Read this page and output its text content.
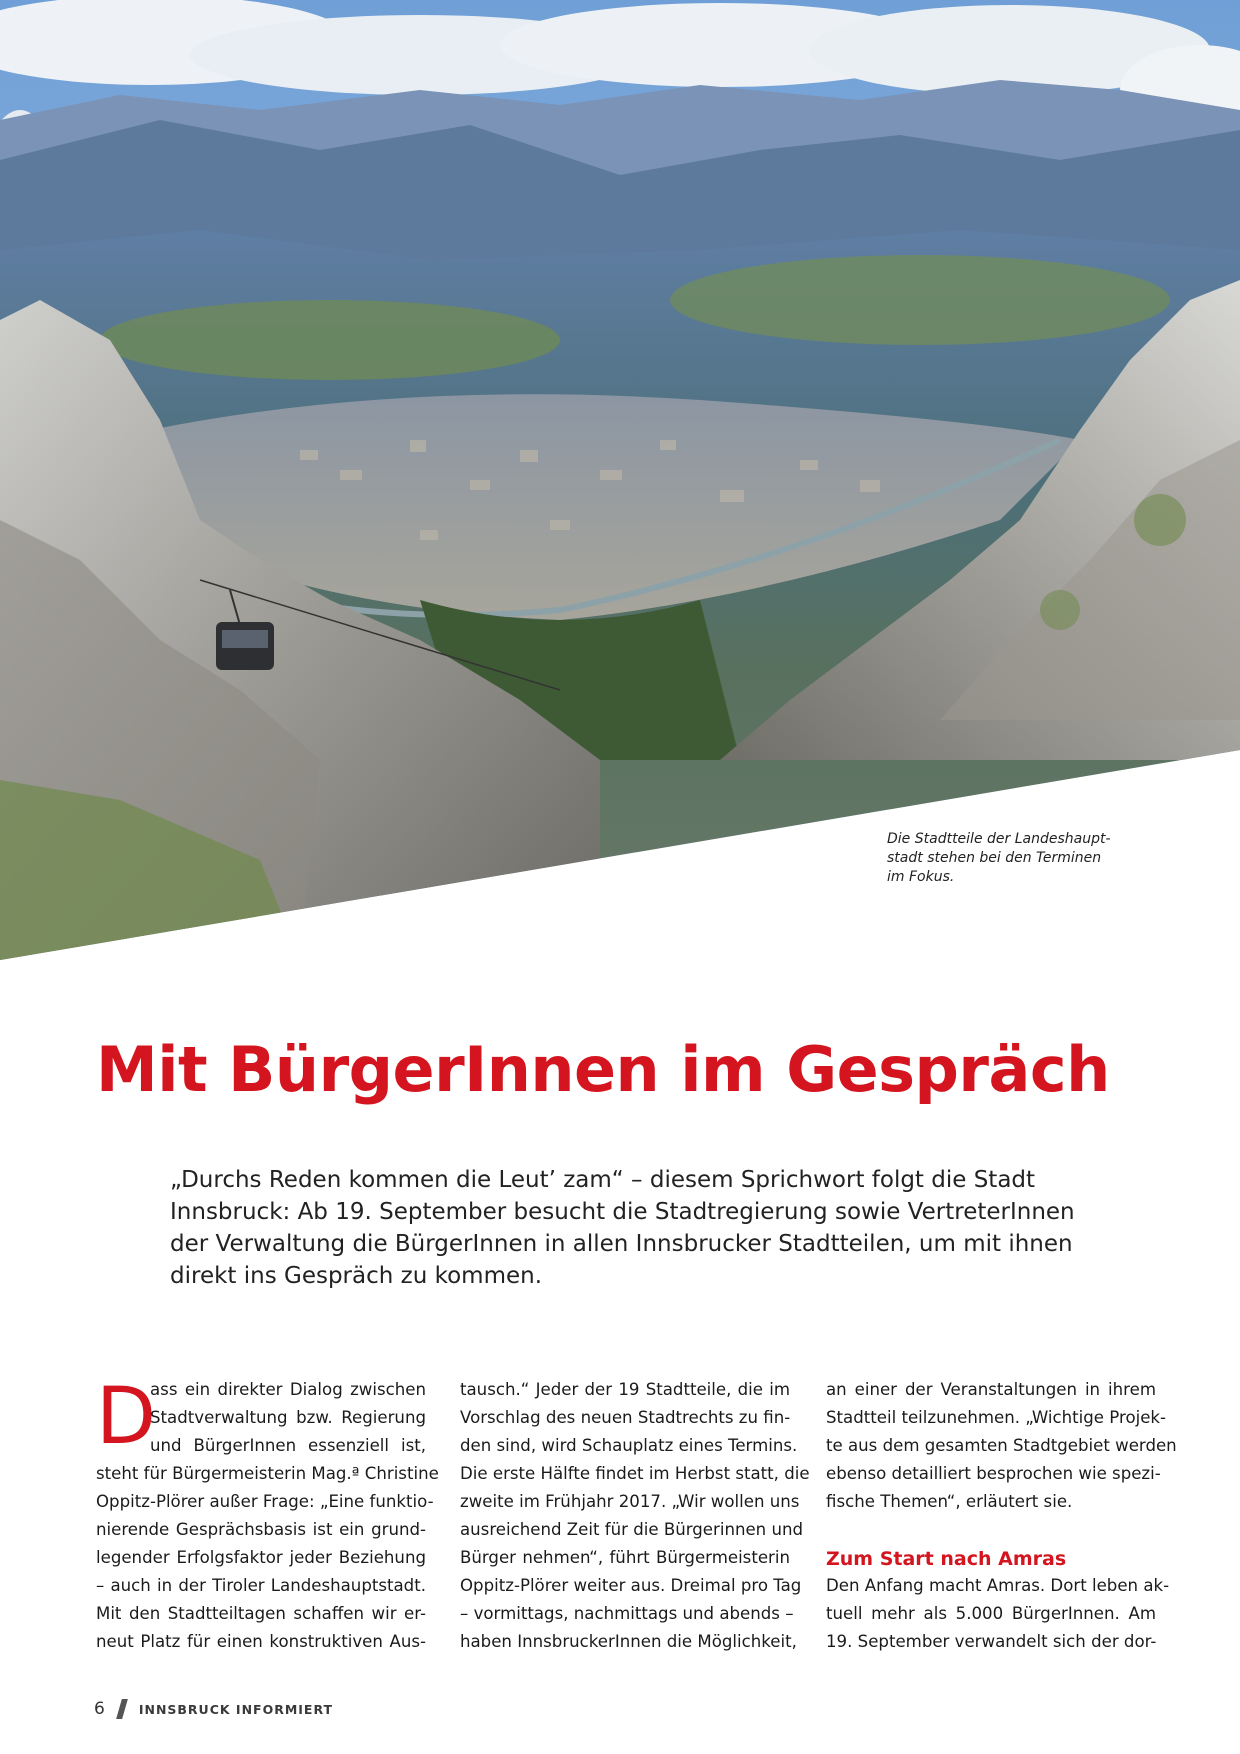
Die Stadtteile der Landeshaupt-
stadt stehen bei den Terminen
im Fokus.
Mit BürgerInnen im Gespräch
„Durchs Reden kommen die Leut’ zam“ – diesem Sprichwort folgt die Stadt
Innsbruck: Ab 19. September besucht die Stadtregierung sowie VertreterInnen
der Verwaltung die BürgerInnen in allen Innsbrucker Stadtteilen, um mit ihnen
direkt ins Gespräch zu kommen.
D
ass ein direkter Dialog zwischen
Stadtverwaltung bzw. Regierung
und BürgerInnen essenziell ist,
steht für Bürgermeisterin Mag.ª Christine
Oppitz-Plörer außer Frage: „Eine funktio-
nierende Gesprächsbasis ist ein grund-
legender Erfolgsfaktor jeder Beziehung
– auch in der Tiroler Landeshauptstadt.
Mit den Stadtteiltagen schaffen wir er-
neut Platz für einen konstruktiven Aus-
tausch.“ Jeder der 19 Stadtteile, die im
Vorschlag des neuen Stadtrechts zu fin-
den sind, wird Schauplatz eines Termins.
Die erste Hälfte findet im Herbst statt, die
zweite im Frühjahr 2017. „Wir wollen uns
ausreichend Zeit für die Bürgerinnen und
Bürger nehmen“, führt Bürgermeisterin
Oppitz-Plörer weiter aus. Dreimal pro Tag
– vormittags, nachmittags und abends –
haben InnsbruckerInnen die Möglichkeit,
an einer der Veranstaltungen in ihrem
Stadtteil teilzunehmen. „Wichtige Projek-
te aus dem gesamten Stadtgebiet werden
ebenso detailliert besprochen wie spezi-
fische Themen“, erläutert sie.
Zum Start nach Amras
Den Anfang macht Amras. Dort leben ak-
tuell mehr als 5.000 BürgerInnen. Am
19. September verwandelt sich der dor-
6	INNSBRUCK INFORMIERT
